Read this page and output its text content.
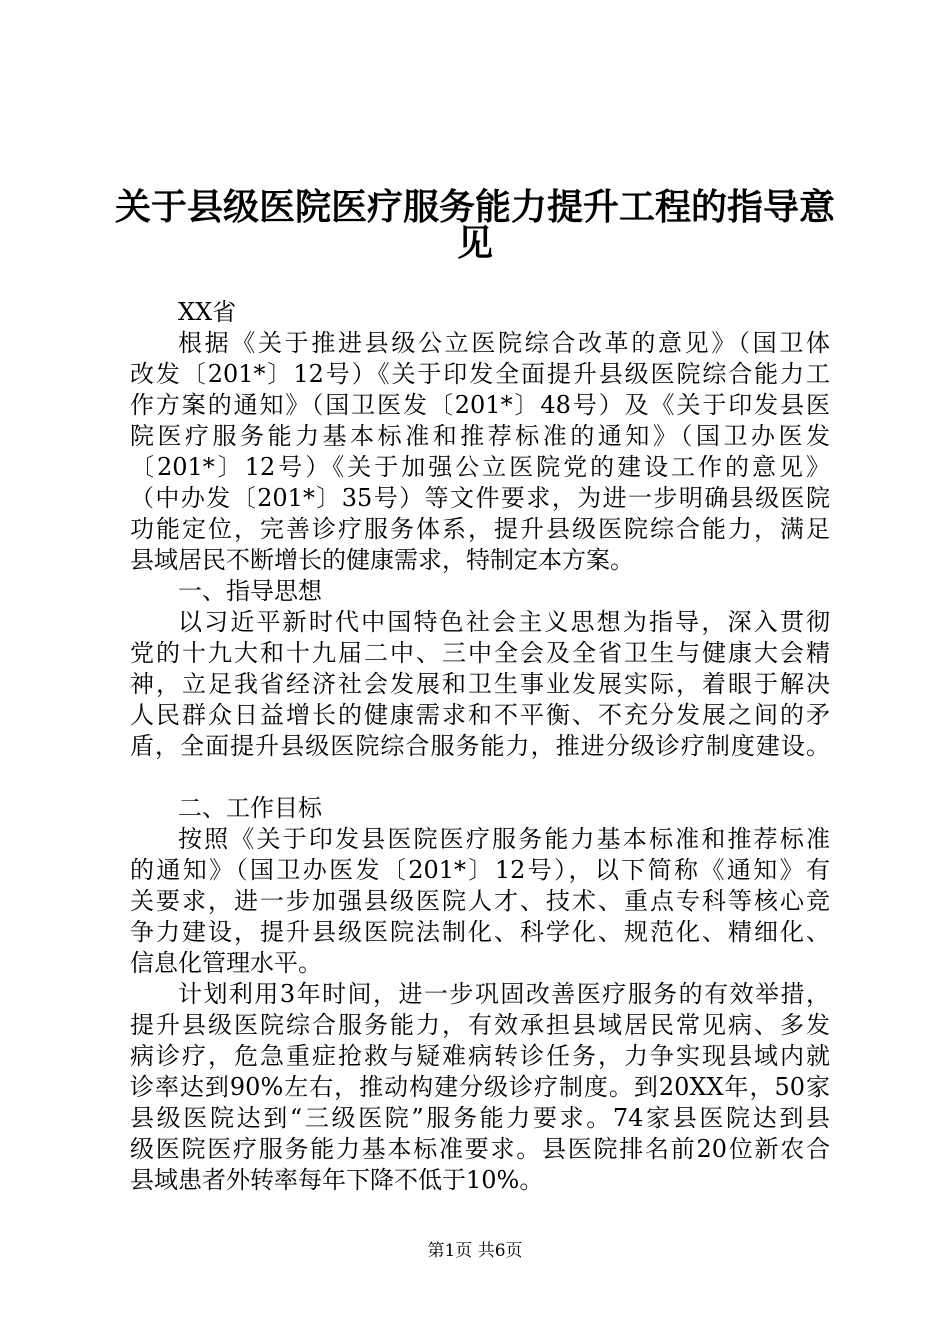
关于县级医院医疗服务能力提升工程的指导意
见
XX省
根据《关于推进县级公立医院综合改革的意见》（国卫体
改发〔201*〕12号）《关于印发全面提升县级医院综合能力工
作方案的通知》（国卫医发〔201*〕48号）及《关于印发县医
院医疗服务能力基本标准和推荐标准的通知》（国卫办医发
〔201*〕12号）《关于加强公立医院党的建设工作的意见》
（中办发〔201*〕35号）等文件要求，为进一步明确县级医院
功能定位，完善诊疗服务体系，提升县级医院综合能力，满足
县域居民不断增长的健康需求，特制定本方案。
一、指导思想
以习近平新时代中国特色社会主义思想为指导，深入贯彻
党的十九大和十九届二中、三中全会及全省卫生与健康大会精
神，立足我省经济社会发展和卫生事业发展实际，着眼于解决
人民群众日益增长的健康需求和不平衡、不充分发展之间的矛
盾，全面提升县级医院综合服务能力，推进分级诊疗制度建设。
二、工作目标
按照《关于印发县医院医疗服务能力基本标准和推荐标准
的通知》（国卫办医发〔201*〕12号），以下简称《通知》有
关要求，进一步加强县级医院人才、技术、重点专科等核心竞
争力建设，提升县级医院法制化、科学化、规范化、精细化、
信息化管理水平。
计划利用3年时间，进一步巩固改善医疗服务的有效举措，
提升县级医院综合服务能力，有效承担县域居民常见病、多发
病诊疗，危急重症抢救与疑难病转诊任务，力争实现县域内就
诊率达到90%左右，推动构建分级诊疗制度。到20XX年，50家
县级医院达到“三级医院”服务能力要求。74家县医院达到县
级医院医疗服务能力基本标准要求。县医院排名前20位新农合
县域患者外转率每年下降不低于10%。
第1页 共6页
